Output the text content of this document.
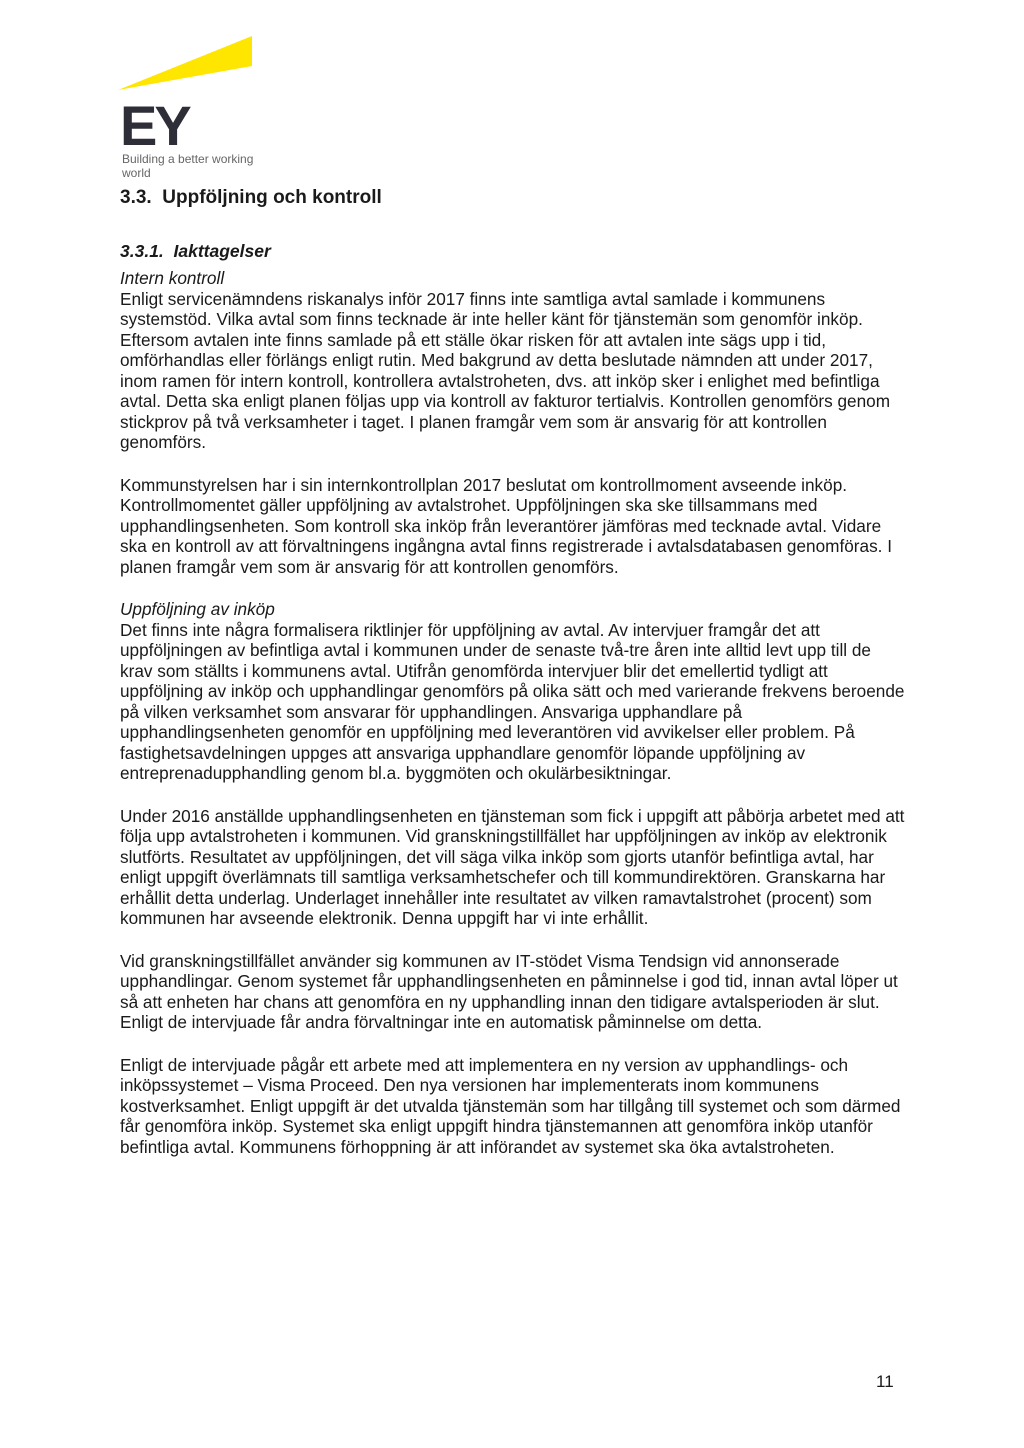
EY
Building a better working world
3.3. Uppföljning och kontroll
3.3.1. Iakttagelser

Intern kontroll

Enligt servicenämndens riskanalys inför 2017 finns inte samtliga avtal samlade i kommunens systemstöd. Vilka avtal som finns tecknade är inte heller känt för tjänstemän som genomför inköp. Eftersom avtalen inte finns samlade på ett ställe ökar risken för att avtalen inte sägs upp i tid, omförhandlas eller förlängs enligt rutin. Med bakgrund av detta beslutade nämnden att under 2017, inom ramen för intern kontroll, kontrollera avtalstroheten, dvs. att inköp sker i enlighet med befintliga avtal. Detta ska enligt planen följas upp via kontroll av fakturor tertialvis. Kontrollen genomförs genom stickprov på två verksamheter i taget. I planen framgår vem som är ansvarig för att kontrollen genomförs.

Kommunstyrelsen har i sin internkontrollplan 2017 beslutat om kontrollmoment avseende inköp. Kontrollmomentet gäller uppföljning av avtalstrohet. Uppföljningen ska ske tillsammans med upphandlingsenheten. Som kontroll ska inköp från leverantörer jämföras med tecknade avtal. Vidare ska en kontroll av att förvaltningens ingångna avtal finns registrerade i avtalsdatabasen genomföras. I planen framgår vem som är ansvarig för att kontrollen genomförs.

Uppföljning av inköp

Det finns inte några formalisera riktlinjer för uppföljning av avtal. Av intervjuer framgår det att uppföljningen av befintliga avtal i kommunen under de senaste två-tre åren inte alltid levt upp till de krav som ställts i kommunens avtal. Utifrån genomförda intervjuer blir det emellertid tydligt att uppföljning av inköp och upphandlingar genomförs på olika sätt och med varierande frekvens beroende på vilken verksamhet som ansvarar för upphandlingen. Ansvariga upphandlare på upphandlingsenheten genomför en uppföljning med leverantören vid avvikelser eller problem. På fastighetsavdelningen uppges att ansvariga upphandlare genomför löpande uppföljning av entreprenadupphandling genom bl.a. byggmöten och okulärbesiktningar.

Under 2016 anställde upphandlingsenheten en tjänsteman som fick i uppgift att påbörja arbetet med att följa upp avtalstroheten i kommunen. Vid granskningstillfället har uppföljningen av inköp av elektronik slutförts. Resultatet av uppföljningen, det vill säga vilka inköp som gjorts utanför befintliga avtal, har enligt uppgift överlämnats till samtliga verksamhetschefer och till kommundirektören. Granskarna har erhållit detta underlag. Underlaget innehåller inte resultatet av vilken ramavtalstrohet (procent) som kommunen har avseende elektronik. Denna uppgift har vi inte erhållit.

Vid granskningstillfället använder sig kommunen av IT-stödet Visma Tendsign vid annonserade upphandlingar. Genom systemet får upphandlingsenheten en påminnelse i god tid, innan avtal löper ut så att enheten har chans att genomföra en ny upphandling innan den tidigare avtalsperioden är slut. Enligt de intervjuade får andra förvaltningar inte en automatisk påminnelse om detta.

Enligt de intervjuade pågår ett arbete med att implementera en ny version av upphandlings- och inköpssystemet – Visma Proceed. Den nya versionen har implementerats inom kommunens kostverksamhet. Enligt uppgift är det utvalda tjänstemän som har tillgång till systemet och som därmed får genomföra inköp. Systemet ska enligt uppgift hindra tjänstemannen att genomföra inköp utanför befintliga avtal. Kommunens förhoppning är att införandet av systemet ska öka avtalstroheten.

11
